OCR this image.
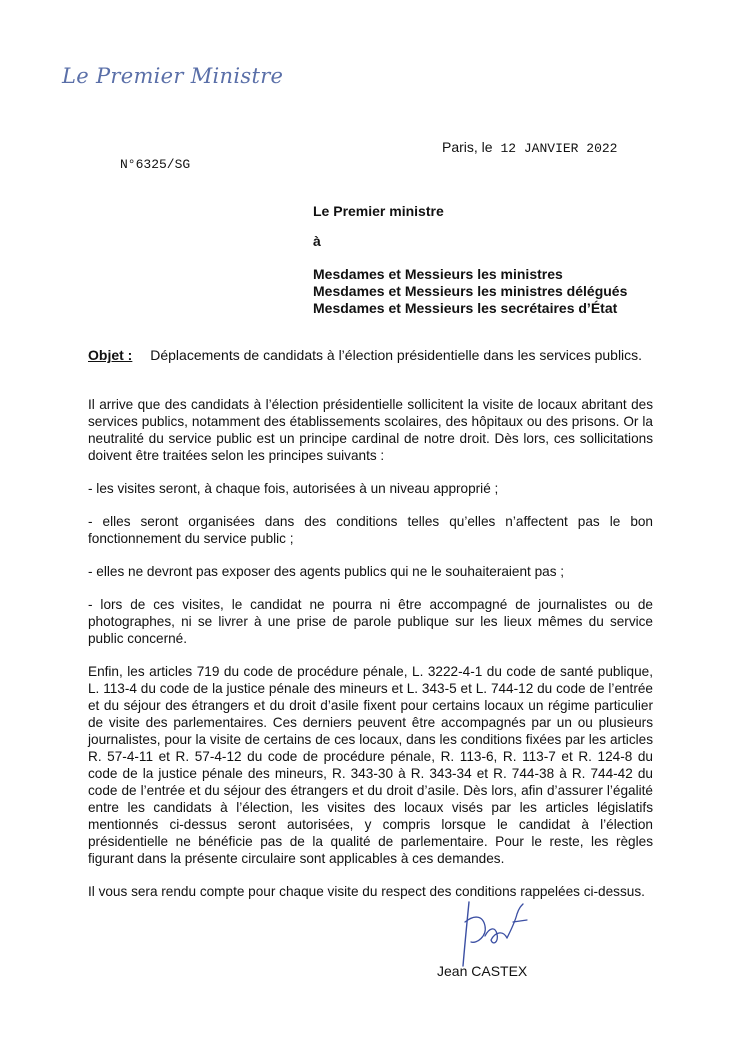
Le Premier Ministre
Paris, le 12 JANVIER 2022
N°6325/SG
Le Premier ministre
à
Mesdames et Messieurs les ministres
Mesdames et Messieurs les ministres délégués
Mesdames et Messieurs les secrétaires d’État
Objet : Déplacements de candidats à l’élection présidentielle dans les services publics.

Il arrive que des candidats à l’élection présidentielle sollicitent la visite de locaux abritant des services publics, notamment des établissements scolaires, des hôpitaux ou des prisons. Or la neutralité du service public est un principe cardinal de notre droit. Dès lors, ces sollicitations doivent être traitées selon les principes suivants :

- les visites seront, à chaque fois, autorisées à un niveau approprié ;

- elles seront organisées dans des conditions telles qu’elles n’affectent pas le bon fonctionnement du service public ;

- elles ne devront pas exposer des agents publics qui ne le souhaiteraient pas ;

- lors de ces visites, le candidat ne pourra ni être accompagné de journalistes ou de photographes, ni se livrer à une prise de parole publique sur les lieux mêmes du service public concerné.

Enfin, les articles 719 du code de procédure pénale, L. 3222-4-1 du code de santé publique, L. 113-4 du code de la justice pénale des mineurs et L. 343-5 et L. 744-12 du code de l’entrée et du séjour des étrangers et du droit d’asile fixent pour certains locaux un régime particulier de visite des parlementaires. Ces derniers peuvent être accompagnés par un ou plusieurs journalistes, pour la visite de certains de ces locaux, dans les conditions fixées par les articles R. 57-4-11 et R. 57-4-12 du code de procédure pénale, R. 113-6, R. 113-7 et R. 124-8 du code de la justice pénale des mineurs, R. 343-30 à R. 343-34 et R. 744-38 à R. 744-42 du code de l’entrée et du séjour des étrangers et du droit d’asile. Dès lors, afin d’assurer l’égalité entre les candidats à l’élection, les visites des locaux visés par les articles législatifs mentionnés ci-dessus seront autorisées, y compris lorsque le candidat à l’élection présidentielle ne bénéficie pas de la qualité de parlementaire. Pour le reste, les règles figurant dans la présente circulaire sont applicables à ces demandes.

Il vous sera rendu compte pour chaque visite du respect des conditions rappelées ci-dessus.

Jean CASTEX
